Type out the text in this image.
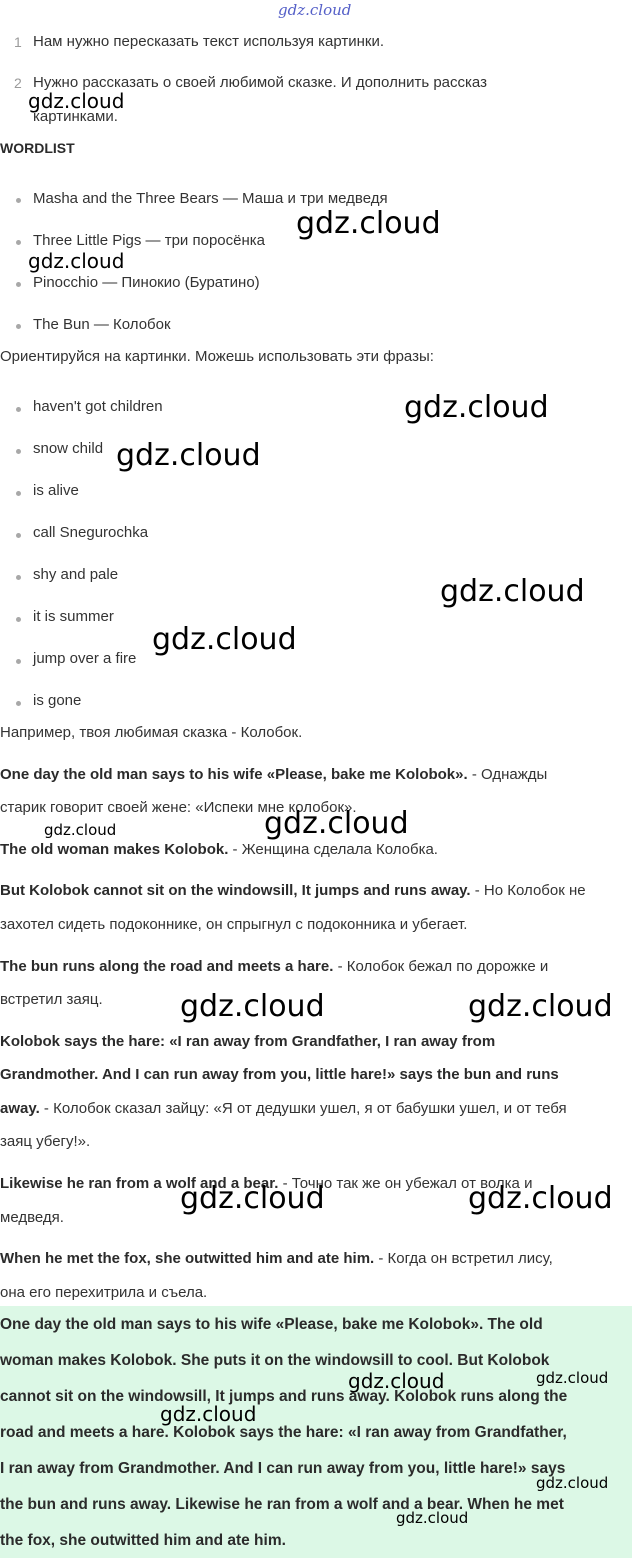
gdz.cloud
1 Нам нужно пересказать текст используя картинки.
2 Нужно рассказать о своей любимой сказке. И дополнить рассказ
картинками.
WORDLIST
Masha and the Three Bears — Маша и три медведя
Three Little Pigs — три поросёнка
Pinocchio — Пинокио (Буратино)
The Bun — Колобок
Ориентируйся на картинки. Можешь использовать эти фразы:
haven't got children
snow child
is alive
call Snegurochka
shy and pale
it is summer
jump over a fire
is gone
Например, твоя любимая сказка - Колобок.
One day the old man says to his wife «Please, bake me Kolobok». - Однажды
старик говорит своей жене: «Испеки мне колобок».
The old woman makes Kolobok. - Женщина сделала Колобка.
But Kolobok cannot sit on the windowsill, It jumps and runs away. - Но Колобок не
захотел сидеть подоконнике, он спрыгнул с подоконника и убегает.
The bun runs along the road and meets a hare. - Колобок бежал по дорожке и
встретил заяц.
Kolobok says the hare: «I ran away from Grandfather, I ran away from
Grandmother. And I can run away from you, little hare!» says the bun and runs
away. - Колобок сказал зайцу: «Я от дедушки ушел, я от бабушки ушел, и от тебя
заяц убегу!».
Likewise he ran from a wolf and a bear. - Точно так же он убежал от волка и
медведя.
When he met the fox, she outwitted him and ate him. - Когда он встретил лису,
она его перехитрила и съела.
One day the old man says to his wife «Please, bake me Kolobok». The old
woman makes Kolobok. She puts it on the windowsill to cool. But Kolobok
cannot sit on the windowsill, It jumps and runs away. Kolobok runs along the
road and meets a hare. Kolobok says the hare: «I ran away from Grandfather,
I ran away from Grandmother. And I can run away from you, little hare!» says
the bun and runs away. Likewise he ran from a wolf and a bear. When he met
the fox, she outwitted him and ate him.
gdz.cloud
gdz.cloud
gdz.cloud
gdz.cloud
gdz.cloud
gdz.cloud
gdz.cloud
gdz.cloud	gdz.cloud
gdz.cloud	gdz.cloud
gdz.cloud	gdz.cloud
gdz.cloud
gdz.cloud
gdz.cloud
gdz.cloud
gdz.cloud
